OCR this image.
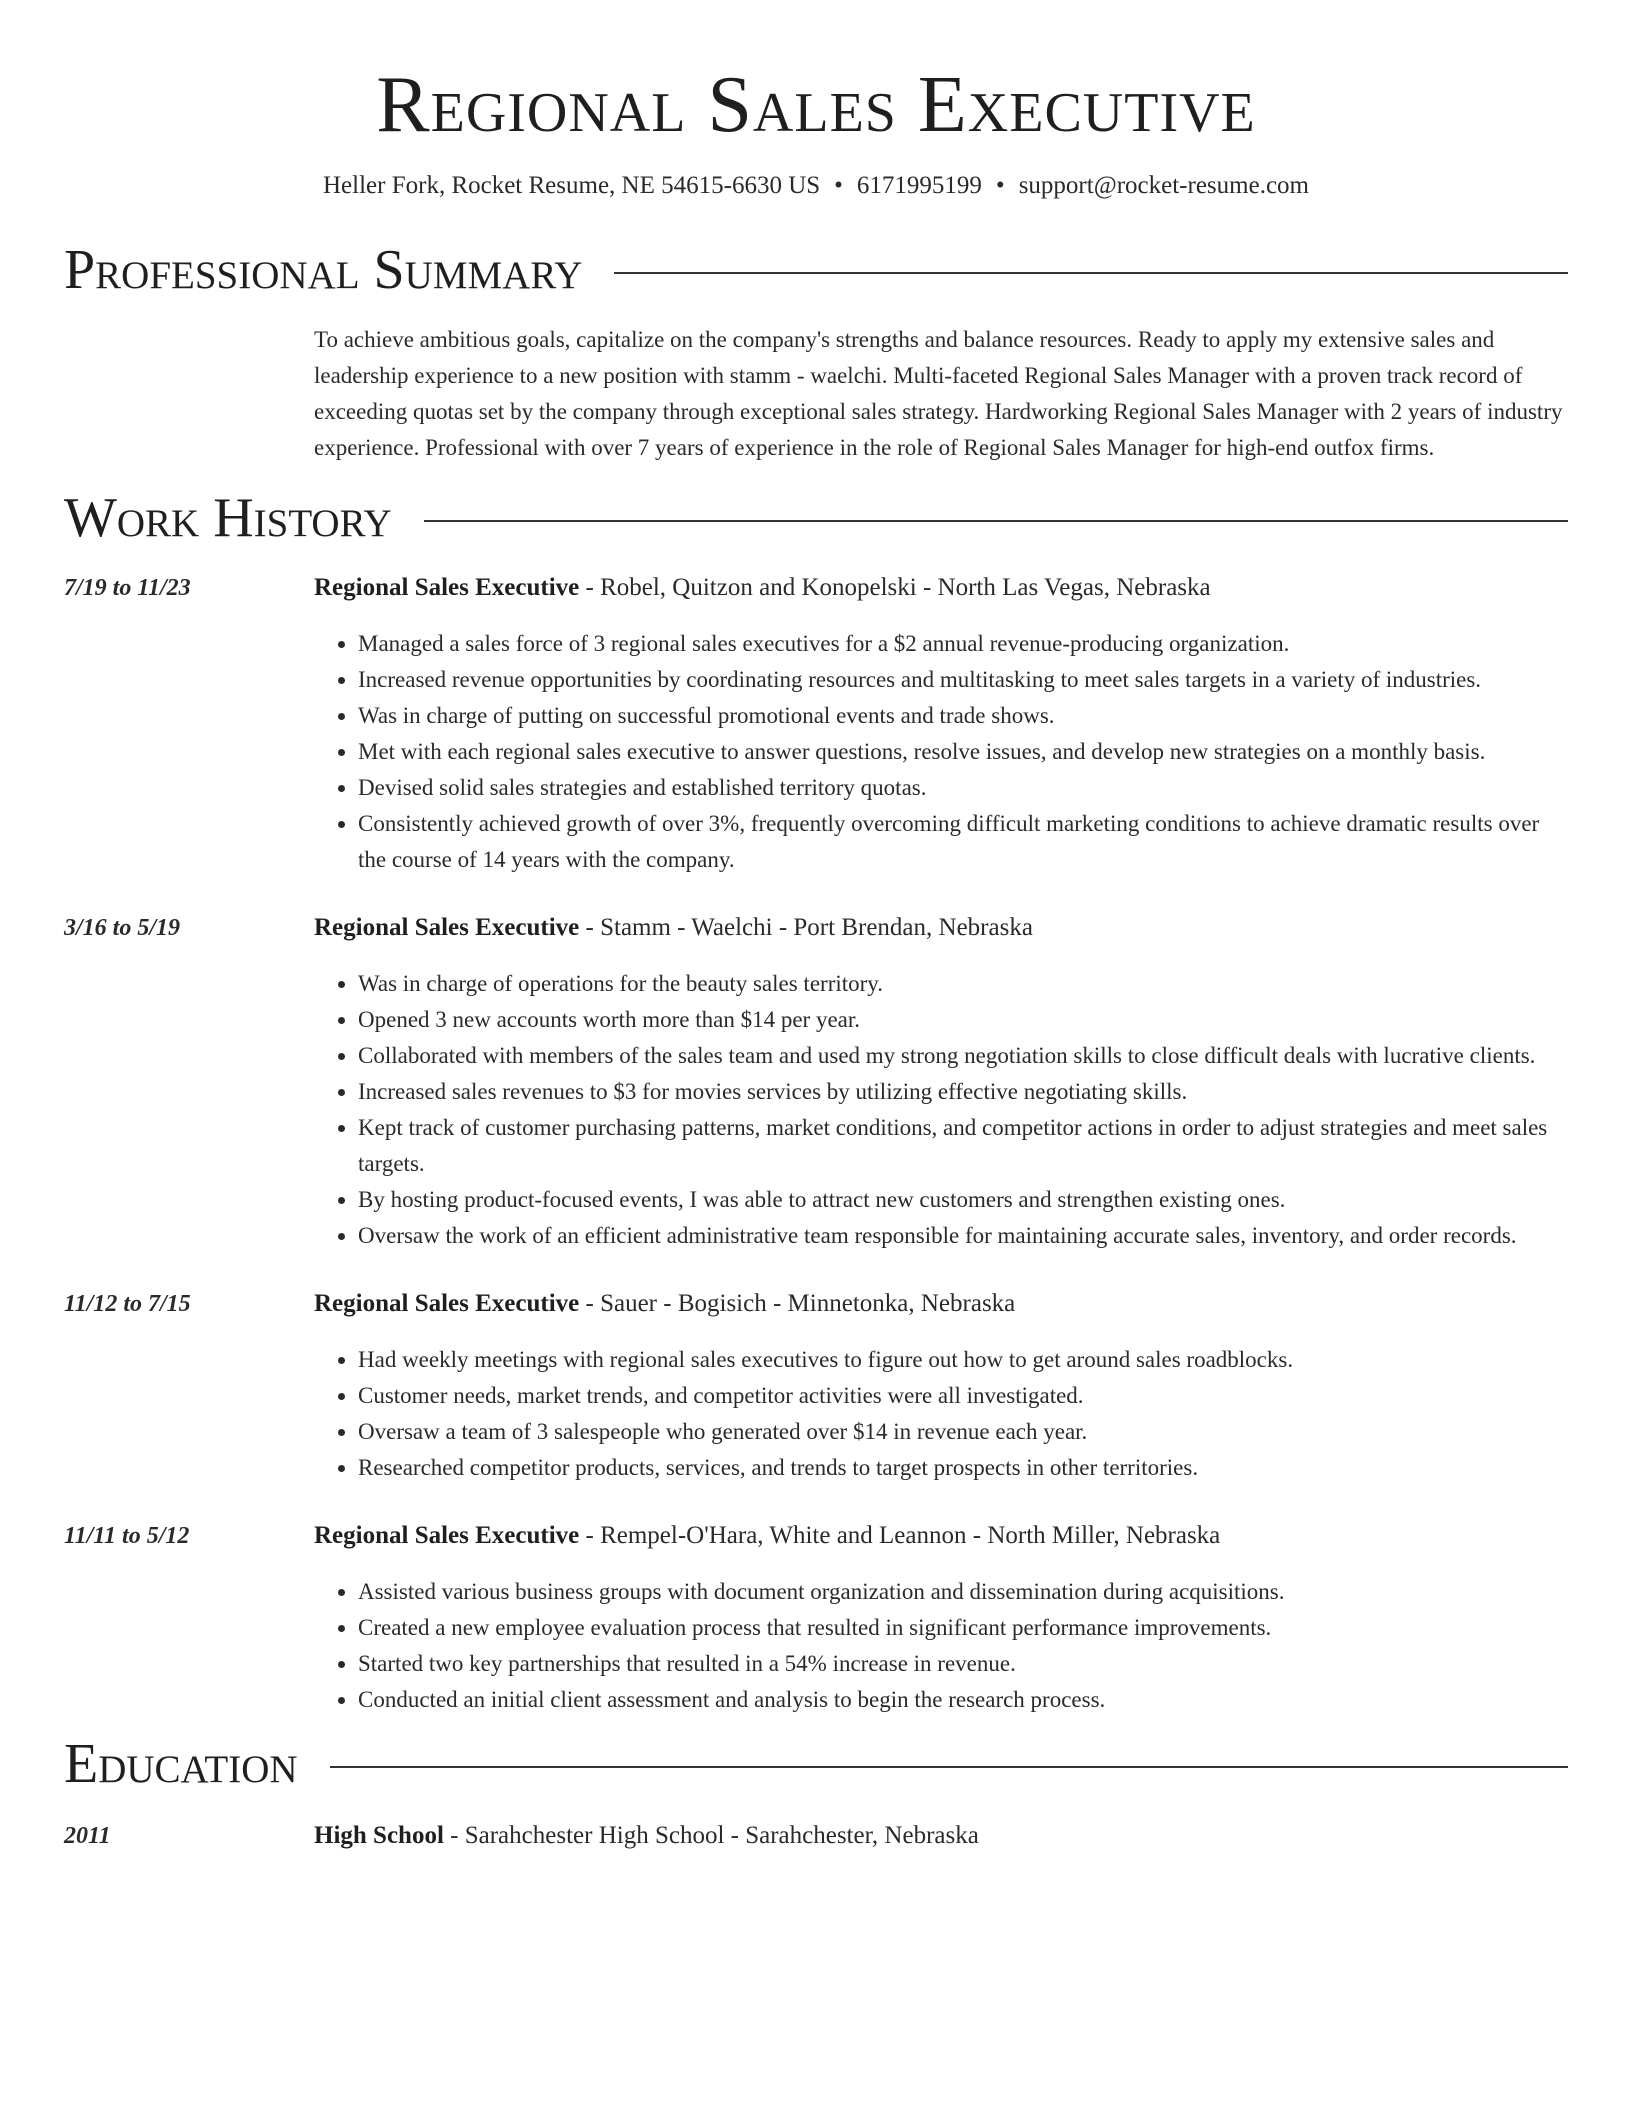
Regional Sales Executive
Heller Fork, Rocket Resume, NE 54615-6630 US • 6171995199 • support@rocket-resume.com
Professional Summary
To achieve ambitious goals, capitalize on the company's strengths and balance resources. Ready to apply my extensive sales and leadership experience to a new position with stamm - waelchi. Multi-faceted Regional Sales Manager with a proven track record of exceeding quotas set by the company through exceptional sales strategy. Hardworking Regional Sales Manager with 2 years of industry experience. Professional with over 7 years of experience in the role of Regional Sales Manager for high-end outfox firms.
Work History
7/19 to 11/23	Regional Sales Executive - Robel, Quitzon and Konopelski - North Las Vegas, Nebraska
• Managed a sales force of 3 regional sales executives for a $2 annual revenue-producing organization.
• Increased revenue opportunities by coordinating resources and multitasking to meet sales targets in a variety of industries.
• Was in charge of putting on successful promotional events and trade shows.
• Met with each regional sales executive to answer questions, resolve issues, and develop new strategies on a monthly basis.
• Devised solid sales strategies and established territory quotas.
• Consistently achieved growth of over 3%, frequently overcoming difficult marketing conditions to achieve dramatic results over the course of 14 years with the company.
3/16 to 5/19	Regional Sales Executive - Stamm - Waelchi - Port Brendan, Nebraska
• Was in charge of operations for the beauty sales territory.
• Opened 3 new accounts worth more than $14 per year.
• Collaborated with members of the sales team and used my strong negotiation skills to close difficult deals with lucrative clients.
• Increased sales revenues to $3 for movies services by utilizing effective negotiating skills.
• Kept track of customer purchasing patterns, market conditions, and competitor actions in order to adjust strategies and meet sales targets.
• By hosting product-focused events, I was able to attract new customers and strengthen existing ones.
• Oversaw the work of an efficient administrative team responsible for maintaining accurate sales, inventory, and order records.
11/12 to 7/15	Regional Sales Executive - Sauer - Bogisich - Minnetonka, Nebraska
• Had weekly meetings with regional sales executives to figure out how to get around sales roadblocks.
• Customer needs, market trends, and competitor activities were all investigated.
• Oversaw a team of 3 salespeople who generated over $14 in revenue each year.
• Researched competitor products, services, and trends to target prospects in other territories.
11/11 to 5/12	Regional Sales Executive - Rempel-O'Hara, White and Leannon - North Miller, Nebraska
• Assisted various business groups with document organization and dissemination during acquisitions.
• Created a new employee evaluation process that resulted in significant performance improvements.
• Started two key partnerships that resulted in a 54% increase in revenue.
• Conducted an initial client assessment and analysis to begin the research process.
Education
2011	High School - Sarahchester High School - Sarahchester, Nebraska
